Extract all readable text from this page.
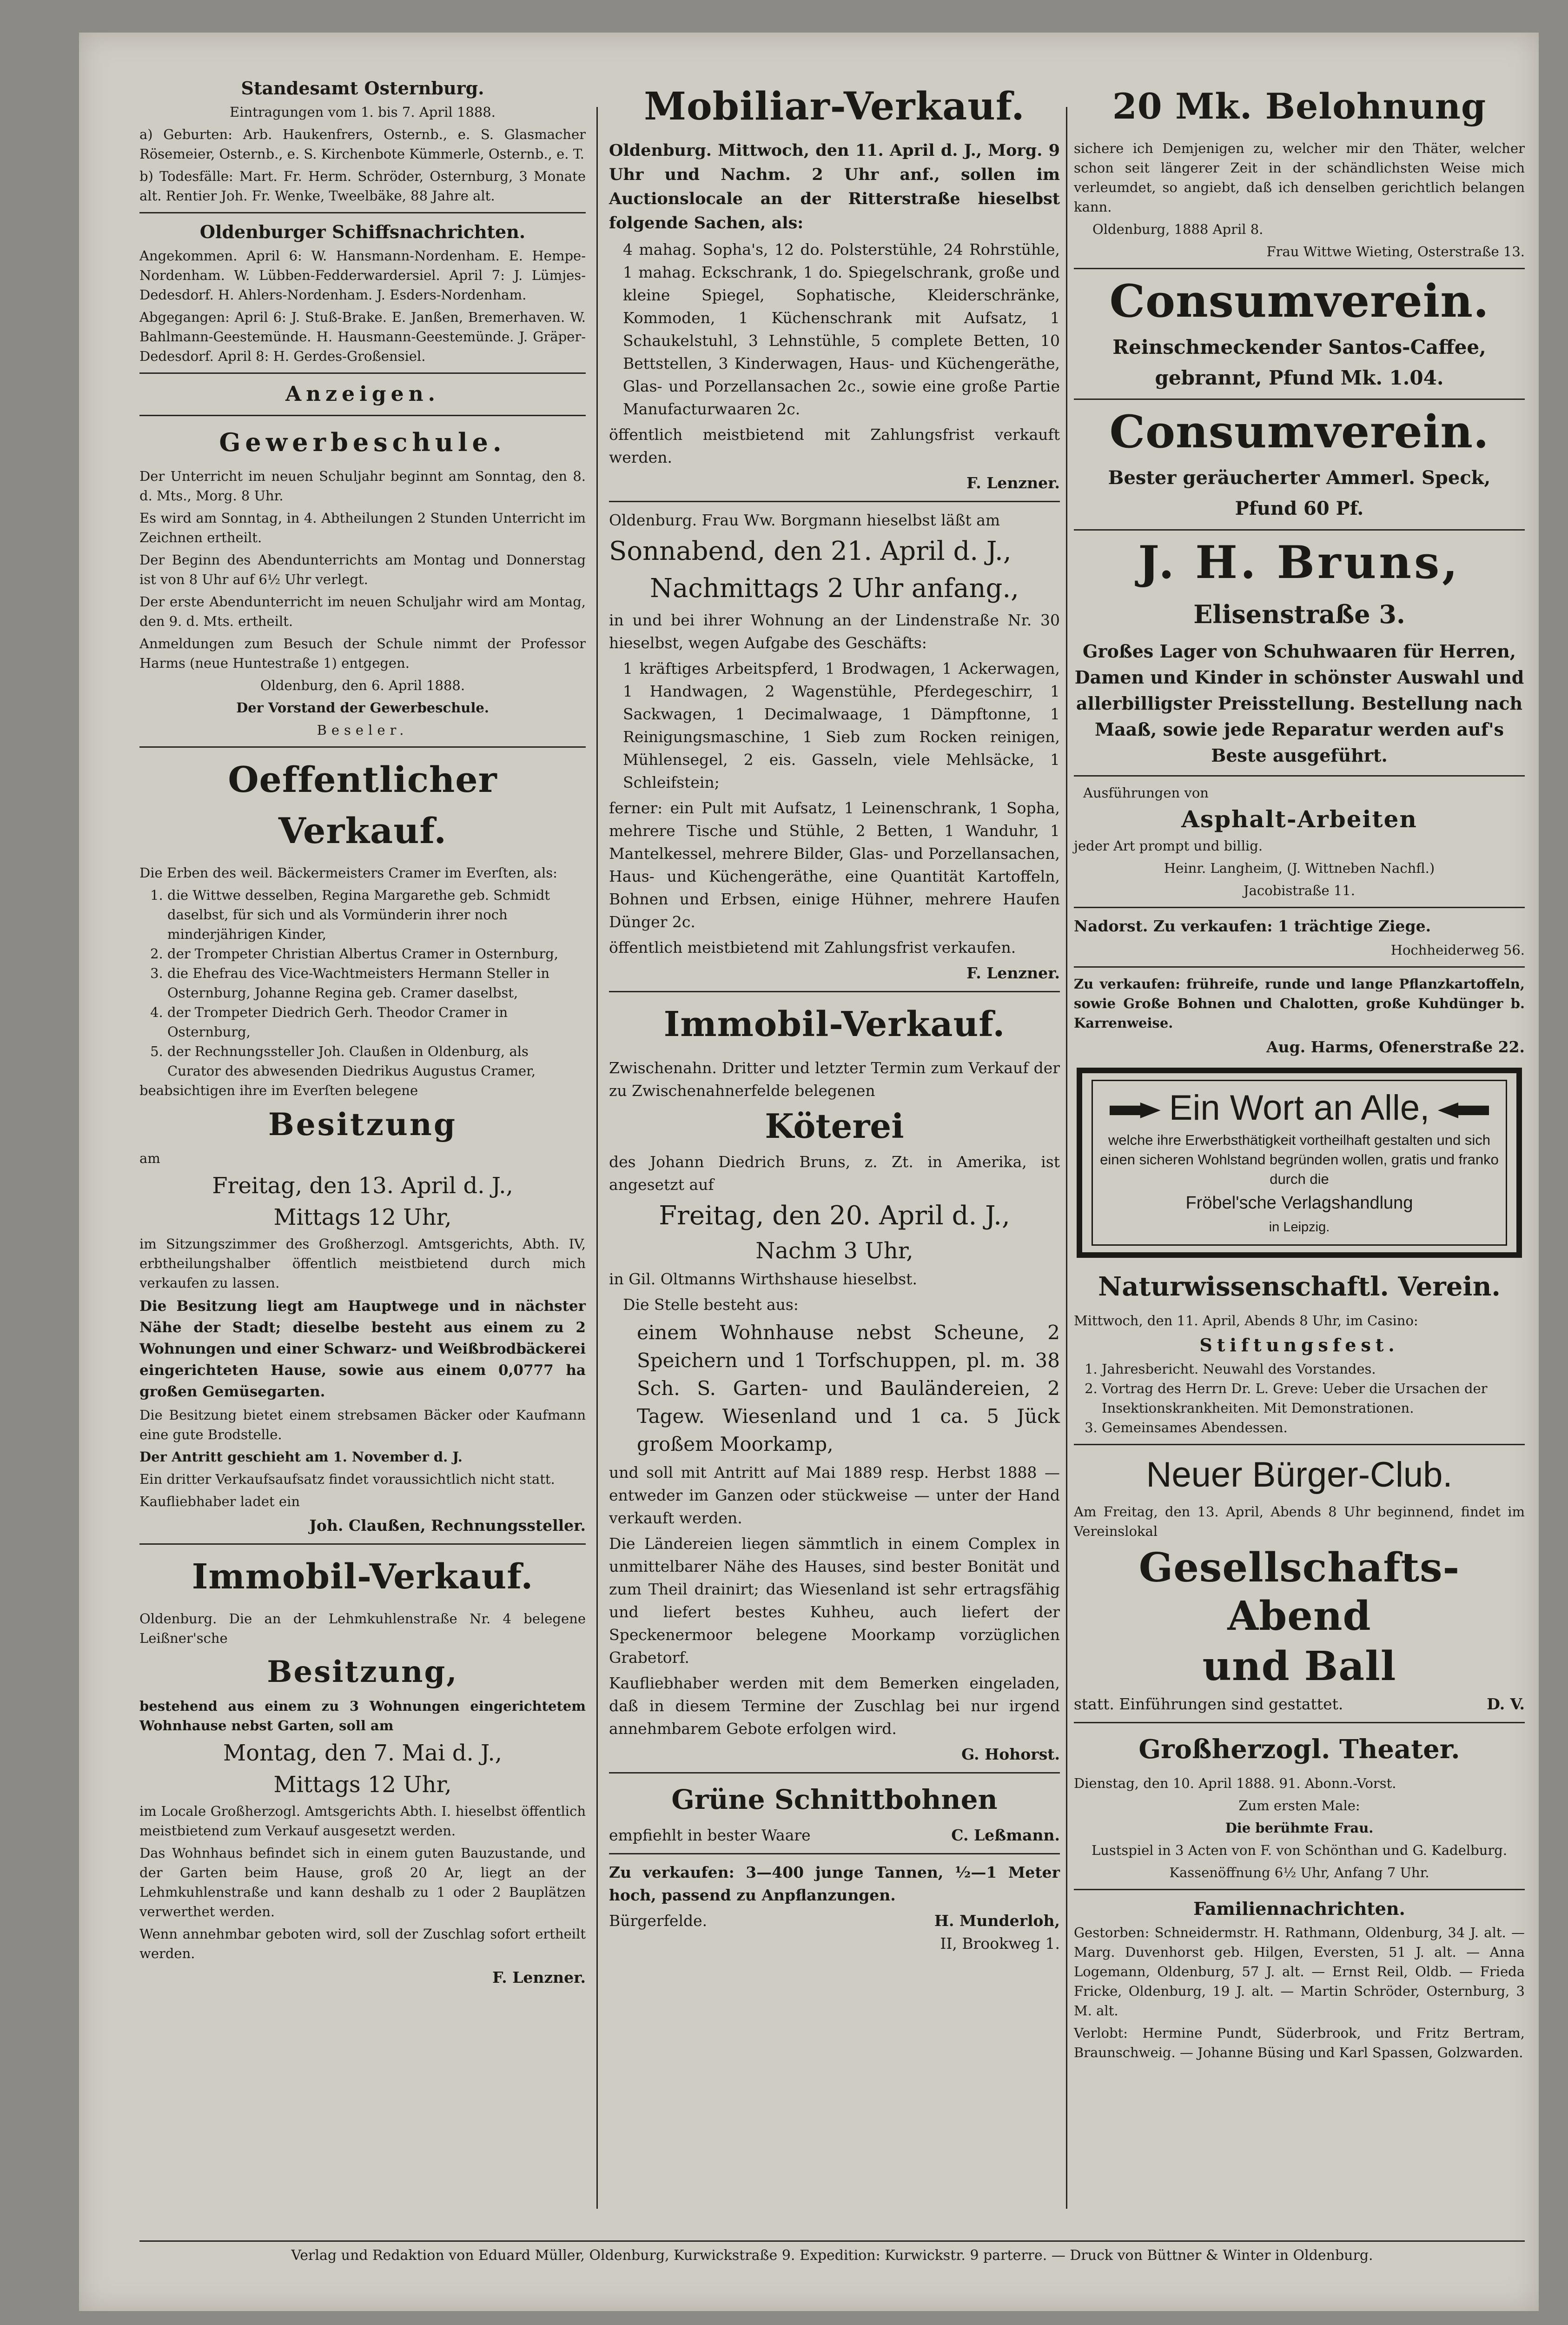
Standesamt Osternburg.

Eintragungen vom 1. bis 7. April 1888.

a) Geburten: Arb. Haukenfrers, Osternb., e. S. Glasmacher Rösemeier, Osternb., e. S. Kirchenbote Kümmerle, Osternb., e. T.

b) Todesfälle: Mart. Fr. Herm. Schröder, Osternburg, 3 Monate alt. Rentier Joh. Fr. Wenke, Tweelbäke, 88 Jahre alt.

Oldenburger Schiffsnachrichten.

Angekommen. April 6: W. Hansmann-Nordenham. E. Hempe-Nordenham. W. Lübben-Fedderwardersiel. April 7: J. Lümjes-Dedesdorf. H. Ahlers-Nordenham. J. Esders-Nordenham.

Abgegangen: April 6: J. Stuß-Brake. E. Janßen, Bremerhaven. W. Bahlmann-Geestemünde. H. Hausmann-Geestemünde. J. Gräper-Dedesdorf. April 8: H. Gerdes-Großensiel.

Anzeigen.

Gewerbeschule.

Der Unterricht im neuen Schuljahr beginnt am Sonntag, den 8. d. Mts., Morg. 8 Uhr.

Es wird am Sonntag, in 4. Abtheilungen 2 Stunden Unterricht im Zeichnen ertheilt.

Der Beginn des Abendunterrichts am Montag und Donnerstag ist von 8 Uhr auf 6½ Uhr verlegt.

Der erste Abendunterricht im neuen Schuljahr wird am Montag, den 9. d. Mts. ertheilt.

Anmeldungen zum Besuch der Schule nimmt der Professor Harms (neue Huntestraße 1) entgegen.

Oldenburg, den 6. April 1888.

Der Vorstand der Gewerbeschule.

Beseler.

Oeffentlicher Verkauf.

Die Erben des weil. Bäckermeisters Cramer im Everſten, als:

1. die Wittwe desselben, Regina Margarethe geb. Schmidt daselbst, für sich und als Vormünderin ihrer noch minderjährigen Kinder,
2. der Trompeter Christian Albertus Cramer in Osternburg,
3. die Ehefrau des Vice-Wachtmeisters Hermann Steller in Osternburg, Johanne Regina geb. Cramer daselbst,
4. der Trompeter Diedrich Gerh. Theodor Cramer in Osternburg,
5. der Rechnungssteller Joh. Claußen in Oldenburg, als Curator des abwesenden Diedrikus Augustus Cramer,

beabsichtigen ihre im Everſten belegene

Besitzung

am

Freitag, den 13. April d. J.,

Mittags 12 Uhr,

im Sitzungszimmer des Großherzogl. Amtsgerichts, Abth. IV, erbtheilungshalber öffentlich meistbietend durch mich verkaufen zu lassen.

Die Besitzung liegt am Hauptwege und in nächster Nähe der Stadt; dieselbe besteht aus einem zu 2 Wohnungen und einer Schwarz- und Weißbrodbäckerei eingerichteten Hause, sowie aus einem 0,0777 ha großen Gemüsegarten.

Die Besitzung bietet einem strebsamen Bäcker oder Kaufmann eine gute Brodstelle.

Der Antritt geschieht am 1. November d. J.

Ein dritter Verkaufsaufsatz findet voraussichtlich nicht statt.

Kaufliebhaber ladet ein

Joh. Claußen, Rechnungssteller.

Immobil-Verkauf.

Oldenburg. Die an der Lehmkuhlenstraße Nr. 4 belegene Leißner'sche

Besitzung,

bestehend aus einem zu 3 Wohnungen eingerichtetem Wohnhause nebst Garten, soll am

Montag, den 7. Mai d. J.,

Mittags 12 Uhr,

im Locale Großherzogl. Amtsgerichts Abth. I. hieselbst öffentlich meistbietend zum Verkauf ausgesetzt werden.

Das Wohnhaus befindet sich in einem guten Bauzustande, und der Garten beim Hause, groß 20 Ar, liegt an der Lehmkuhlenstraße und kann deshalb zu 1 oder 2 Bauplätzen verwerthet werden.

Wenn annehmbar geboten wird, soll der Zuschlag sofort ertheilt werden.

F. Lenzner.

Mobiliar-Verkauf.

Oldenburg. Mittwoch, den 11. April d. J., Morg. 9 Uhr und Nachm. 2 Uhr anf., sollen im Auctionslocale an der Ritterstraße hieselbst folgende Sachen, als:

4 mahag. Sopha's, 12 do. Polsterstühle, 24 Rohrstühle, 1 mahag. Eckschrank, 1 do. Spiegelschrank, große und kleine Spiegel, Sophatische, Kleiderschränke, Kommoden, 1 Küchenschrank mit Aufsatz, 1 Schaukelstuhl, 3 Lehnstühle, 5 complete Betten, 10 Bettstellen, 3 Kinderwagen, Haus- und Küchengeräthe, Glas- und Porzellansachen 2c., sowie eine große Partie Manufacturwaaren 2c.

öffentlich meistbietend mit Zahlungsfrist verkauft werden.

F. Lenzner.

Oldenburg. Frau Ww. Borgmann hieselbst läßt am

Sonnabend, den 21. April d. J.,

Nachmittags 2 Uhr anfang.,

in und bei ihrer Wohnung an der Lindenstraße Nr. 30 hieselbst, wegen Aufgabe des Geschäfts:

1 kräftiges Arbeitspferd, 1 Brodwagen, 1 Ackerwagen, 1 Handwagen, 2 Wagenstühle, Pferdegeschirr, 1 Sackwagen, 1 Decimalwaage, 1 Dämpftonne, 1 Reinigungsmaschine, 1 Sieb zum Rocken reinigen, Mühlensegel, 2 eis. Gasseln, viele Mehlsäcke, 1 Schleifstein;

ferner: ein Pult mit Aufsatz, 1 Leinenschrank, 1 Sopha, mehrere Tische und Stühle, 2 Betten, 1 Wanduhr, 1 Mantelkessel, mehrere Bilder, Glas- und Porzellansachen, Haus- und Küchengeräthe, eine Quantität Kartoffeln, Bohnen und Erbsen, einige Hühner, mehrere Haufen Dünger 2c.

öffentlich meistbietend mit Zahlungsfrist verkaufen.

F. Lenzner.

Immobil-Verkauf.

Zwischenahn. Dritter und letzter Termin zum Verkauf der zu Zwischenahnerfelde belegenen

Köterei

des Johann Diedrich Bruns, z. Zt. in Amerika, ist angesetzt auf

Freitag, den 20. April d. J.,

Nachm 3 Uhr,

in Gil. Oltmanns Wirthshause hieselbst.

Die Stelle besteht aus:

einem Wohnhause nebst Scheune, 2 Speichern und 1 Torfschuppen, pl. m. 38 Sch. S. Garten- und Bauländereien, 2 Tagew. Wiesenland und 1 ca. 5 Jück großem Moorkamp,

und soll mit Antritt auf Mai 1889 resp. Herbst 1888 — entweder im Ganzen oder stückweise — unter der Hand verkauft werden.

Die Ländereien liegen sämmtlich in einem Complex in unmittelbarer Nähe des Hauses, sind bester Bonität und zum Theil drainirt; das Wiesenland ist sehr ertragsfähig und liefert bestes Kuhheu, auch liefert der Speckenermoor belegene Moorkamp vorzüglichen Grabetorf.

Kaufliebhaber werden mit dem Bemerken eingeladen, daß in diesem Termine der Zuschlag bei nur irgend annehmbarem Gebote erfolgen wird.

G. Hohorst.

Grüne Schnittbohnen

empfiehlt in bester Waare	C. Leßmann.

Zu verkaufen: 3—400 junge Tannen, ½—1 Meter hoch, passend zu Anpflanzungen.

Bürgerfelde.	H. Munderloh,

II, Brookweg 1.

20 Mk. Belohnung

sichere ich Demjenigen zu, welcher mir den Thäter, welcher schon seit längerer Zeit in der schändlichsten Weise mich verleumdet, so angiebt, daß ich denselben gerichtlich belangen kann.

Oldenburg, 1888 April 8.

Frau Wittwe Wieting, Osterstraße 13.

Consumverein.

Reinschmeckender Santos-Caffee,

gebrannt, Pfund Mk. 1.04.

Consumverein.

Bester geräucherter Ammerl. Speck,

Pfund 60 Pf.

J. H. Bruns,

Elisenstraße 3.

Großes Lager von Schuhwaaren für Herren, Damen und Kinder in schönster Auswahl und allerbilligster Preisstellung. Bestellung nach Maaß, sowie jede Reparatur werden auf's Beste ausgeführt.

Ausführungen von

Asphalt-Arbeiten

jeder Art prompt und billig.

Heinr. Langheim, (J. Wittneben Nachfl.)

Jacobistraße 11.

Nadorst. Zu verkaufen: 1 trächtige Ziege.

Hochheiderweg 56.

Zu verkaufen: frühreife, runde und lange Pflanzkartoffeln, sowie Große Bohnen und Chalotten, große Kuhdünger b. Karrenweise.

Aug. Harms, Ofenerstraße 22.

Ein Wort an Alle,

welche ihre Erwerbsthätigkeit vortheilhaft gestalten und sich einen sicheren Wohlstand begründen wollen, gratis und franko durch die

Fröbel'sche Verlagshandlung

in Leipzig.

Naturwissenschaftl. Verein.

Mittwoch, den 11. April, Abends 8 Uhr, im Casino:

Stiftungsfest.

1. Jahresbericht. Neuwahl des Vorstandes.
2. Vortrag des Herrn Dr. L. Greve: Ueber die Ursachen der Insektionskrankheiten. Mit Demonstrationen.
3. Gemeinsames Abendessen.

Neuer Bürger-Club.

Am Freitag, den 13. April, Abends 8 Uhr beginnend, findet im Vereinslokal

Gesellschafts-Abend

und Ball

statt. Einführungen sind gestattet.	D. V.

Großherzogl. Theater.

Dienstag, den 10. April 1888. 91. Abonn.-Vorst.

Zum ersten Male:

Die berühmte Frau.

Lustspiel in 3 Acten von F. von Schönthan und G. Kadelburg.

Kassenöffnung 6½ Uhr, Anfang 7 Uhr.

Familiennachrichten.

Gestorben: Schneidermstr. H. Rathmann, Oldenburg, 34 J. alt. — Marg. Duvenhorst geb. Hilgen, Eversten, 51 J. alt. — Anna Logemann, Oldenburg, 57 J. alt. — Ernst Reil, Oldb. — Frieda Fricke, Oldenburg, 19 J. alt. — Martin Schröder, Osternburg, 3 M. alt.

Verlobt: Hermine Pundt, Süderbrook, und Fritz Bertram, Braunschweig. — Johanne Büsing und Karl Spassen, Golzwarden.

Verlag und Redaktion von Eduard Müller, Oldenburg, Kurwickstraße 9. Expedition: Kurwickstr. 9 parterre. — Druck von Büttner & Winter in Oldenburg.
